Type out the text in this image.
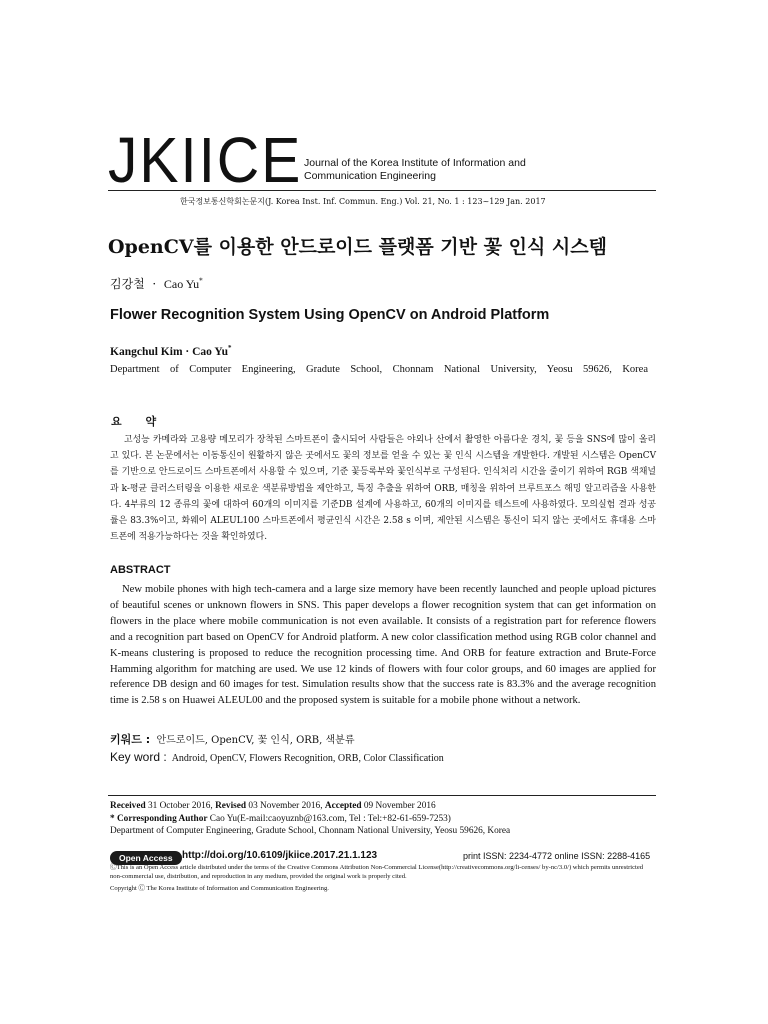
JKIICE Journal of the Korea Institute of Information and
Communication Engineering
한국정보통신학회논문지(J. Korea Inst. Inf. Commun. Eng.) Vol. 21, No. 1 : 123~129 Jan. 2017
OpenCV를 이용한 안드로이드 플랫폼 기반 꽃 인식 시스템
김강철 · Cao Yu*
Flower Recognition System Using OpenCV on Android Platform
Kangchul Kim · Cao Yu*
Department of Computer Engineering, Gradute School, Chonnam National University, Yeosu 59626, Korea
요 약
고성능 카메라와 고용량 메모리가 장착된 스마트폰이 출시되어 사람들은 야외나 산에서 촬영한 아름다운 경치, 꽃 등을 SNS에 많이 올리고 있다. 본 논문에서는 이동통신이 원활하지 않은 곳에서도 꽃의 정보를 얻을 수 있는 꽃 인식 시스템을 개발한다. 개발된 시스템은 OpenCV를 기반으로 안드로이드 스마트폰에서 사용할 수 있으며, 기준 꽃등록부와 꽃인식부로 구성된다. 인식처리 시간을 줄이기 위하여 RGB 색채널과 k-평균 클러스터링을 이용한 새로운 색분류방법을 제안하고, 특징 추출을 위하여 ORB, 매칭을 위하여 브루트포스 해밍 알고리즘을 사용한다. 4부류의 12 종류의 꽃에 대하여 60개의 이미지를 기준DB 설계에 사용하고, 60개의 이미지를 테스트에 사용하였다. 모의실험 결과 성공률은 83.3%이고, 화웨이 ALEUL100 스마트폰에서 평균인식 시간은 2.58 s 이며, 제안된 시스템은 통신이 되지 않는 곳에서도 휴대용 스마트폰에 적용가능하다는 것을 확인하였다.
ABSTRACT
New mobile phones with high tech-camera and a large size memory have been recently launched and people upload pictures of beautiful scenes or unknown flowers in SNS. This paper develops a flower recognition system that can get information on flowers in the place where mobile communication is not even available. It consists of a registration part for reference flowers and a recognition part based on OpenCV for Android platform. A new color classification method using RGB color channel and K-means clustering is proposed to reduce the recognition processing time. And ORB for feature extraction and Brute-Force Hamming algorithm for matching are used. We use 12 kinds of flowers with four color groups, and 60 images are applied for reference DB design and 60 images for test. Simulation results show that the success rate is 83.3% and the average recognition time is 2.58 s on Huawei ALEUL00 and the proposed system is suitable for a mobile phone without a network.
키워드 : 안드로이드, OpenCV, 꽃 인식, ORB, 색분류
Key word : Android, OpenCV, Flowers Recognition, ORB, Color Classification
Received 31 October 2016, Revised 03 November 2016, Accepted 09 November 2016
* Corresponding Author Cao Yu(E-mail:caoyuznb@163.com, Tel : Tel:+82-61-659-7253)
Department of Computer Engineering, Gradute School, Chonnam National University, Yeosu 59626, Korea
Open Access http://doi.org/10.6109/jkiice.2017.21.1.123	print ISSN: 2234-4772 online ISSN: 2288-4165
ⒸThis is an Open Access article distributed under the terms of the Creative Commons Attribution Non-Commercial License(http://creativecommons.org/li-censes/ by-nc/3.0/) which permits unrestricted non-commercial use, distribution, and reproduction in any medium, provided the original work is properly cited.
Copyright Ⓒ The Korea Institute of Information and Communication Engineering.
